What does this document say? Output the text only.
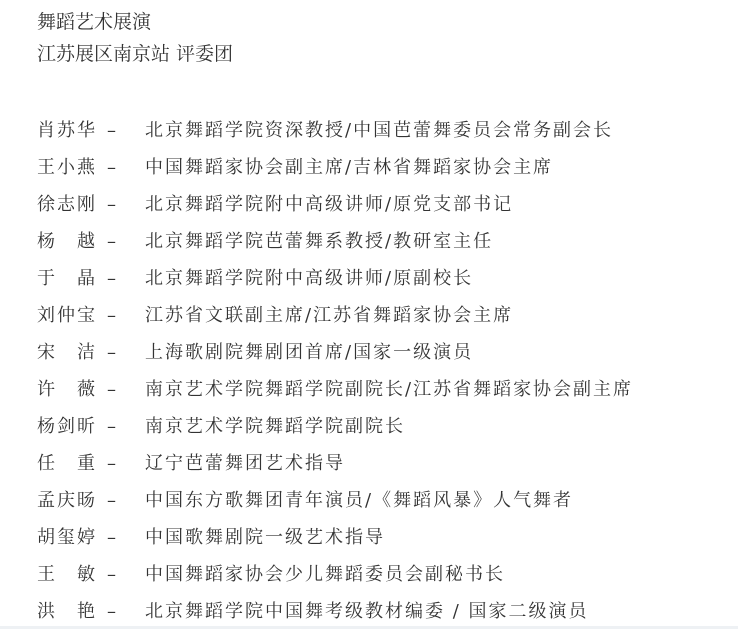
舞蹈艺术展演
江苏展区南京站 评委团
肖苏华 –	北京舞蹈学院资深教授/中国芭蕾舞委员会常务副会长
王小燕 –	中国舞蹈家协会副主席/吉林省舞蹈家协会主席
徐志刚 –	北京舞蹈学院附中高级讲师/原党支部书记
杨　越 –	北京舞蹈学院芭蕾舞系教授/教研室主任
于　晶 –	北京舞蹈学院附中高级讲师/原副校长
刘仲宝 –	江苏省文联副主席/江苏省舞蹈家协会主席
宋　洁 –	上海歌剧院舞剧团首席/国家一级演员
许　薇 –	南京艺术学院舞蹈学院副院长/江苏省舞蹈家协会副主席
杨剑昕 –	南京艺术学院舞蹈学院副院长
任　重 –	辽宁芭蕾舞团艺术指导
孟庆旸 –	中国东方歌舞团青年演员/《舞蹈风暴》人气舞者
胡玺婷 –	中国歌舞剧院一级艺术指导
王　敏 –	中国舞蹈家协会少儿舞蹈委员会副秘书长
洪　艳 –	北京舞蹈学院中国舞考级教材编委 / 国家二级演员
